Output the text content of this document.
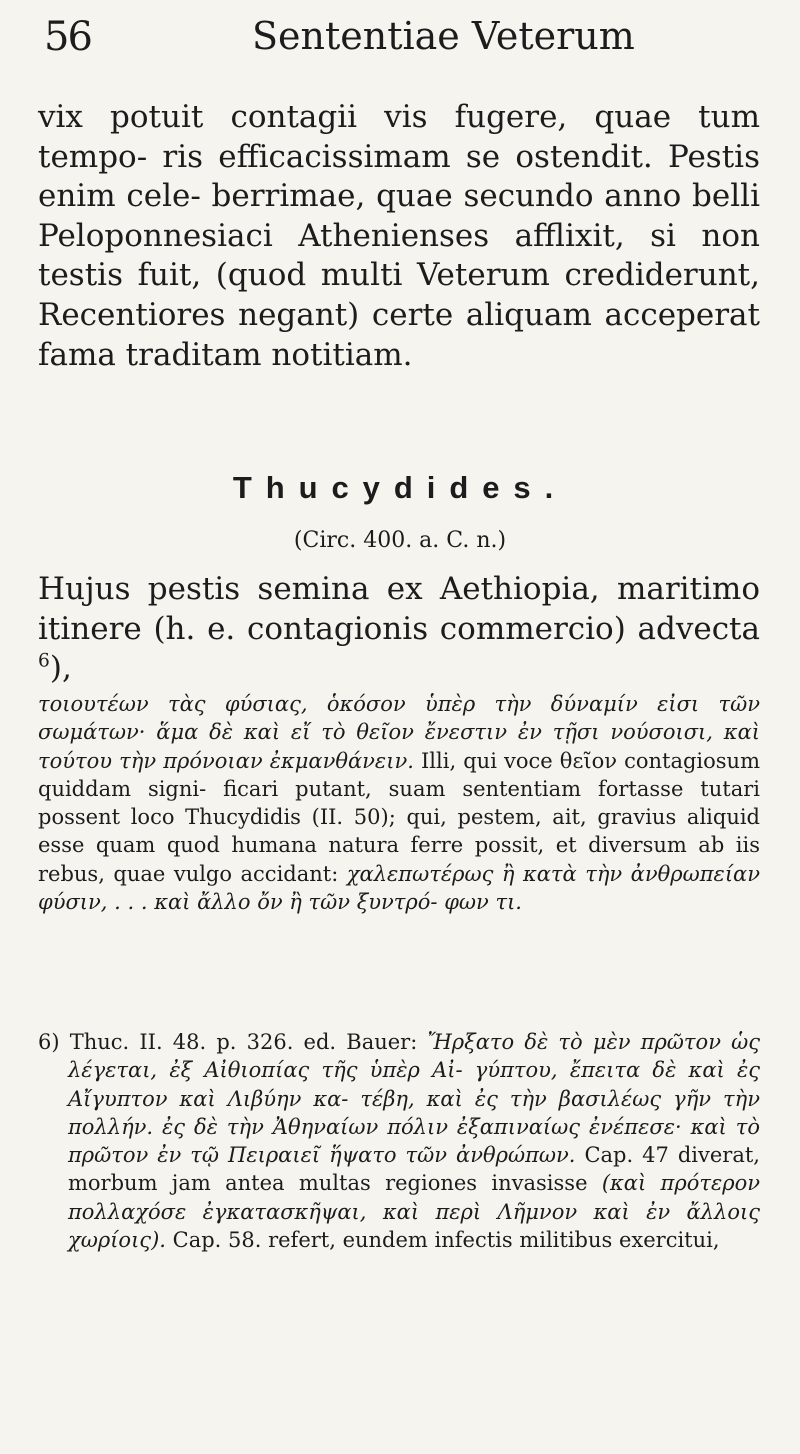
56	Sententiae Veterum

vix potuit contagii vis fugere, quae tum tempo- ris efficacissimam se ostendit. Pestis enim cele- berrimae, quae secundo anno belli Peloponnesiaci Athenienses afflixit, si non testis fuit, (quod multi Veterum crediderunt, Recentiores negant) certe aliquam acceperat fama traditam notitiam.

Thucydides.
(Circ. 400. a. C. n.)

Hujus pestis semina ex Aethiopia, maritimo itinere (h. e. contagionis commercio) advecta $^6$),

τοιουτέων τὰς φύσιας, ὁκόσον ὑπὲρ τὴν δύναμίν εἰσι τῶν σωμάτων· ἅμα δὲ καὶ εἴ τὸ θεῖον ἔνεστιν ἐν τῇσι νούσοισι, καὶ τούτου τὴν πρόνοιαν ἐκμανθάνειν. Illi, qui voce θεῖον contagiosum quiddam signi- ficari putant, suam sententiam fortasse tutari possent loco Thucydidis (II. 50); qui, pestem, ait, gravius aliquid esse quam quod humana natura ferre possit, et diversum ab iis rebus, quae vulgo accidant: χαλεπωτέρως ἢ κατὰ τὴν ἀνθρωπείαν φύσιν, . . . καὶ ἄλλο ὄν ἢ τῶν ξυντρό- φων τι.

6) Thuc. II. 48. p. 326. ed. Bauer: Ἤρξατο δὲ τὸ μὲν πρῶτον ὡς λέγεται, ἐξ Αἰθιοπίας τῆς ὑπὲρ Αἰ- γύπτου, ἔπειτα δὲ καὶ ἐς Αἴγυπτον καὶ Λιβύην κα- τέβη, καὶ ἐς τὴν βασιλέως γῆν τὴν πολλήν. ἐς δὲ τὴν Ἀθηναίων πόλιν ἐξαπιναίως ἐνέπεσε· καὶ τὸ πρῶτον ἐν τῷ Πειραιεῖ ἥψατο τῶν ἀνθρώπων. Cap. 47 diverat, morbum jam antea multas regiones invasisse (καὶ πρότερον πολλαχόσε ἐγκατασκῆψαι, καὶ περὶ Λῆμνον καὶ ἐν ἄλλοις χωρίοις). Cap. 58. refert, eundem infectis militibus exercitui,
